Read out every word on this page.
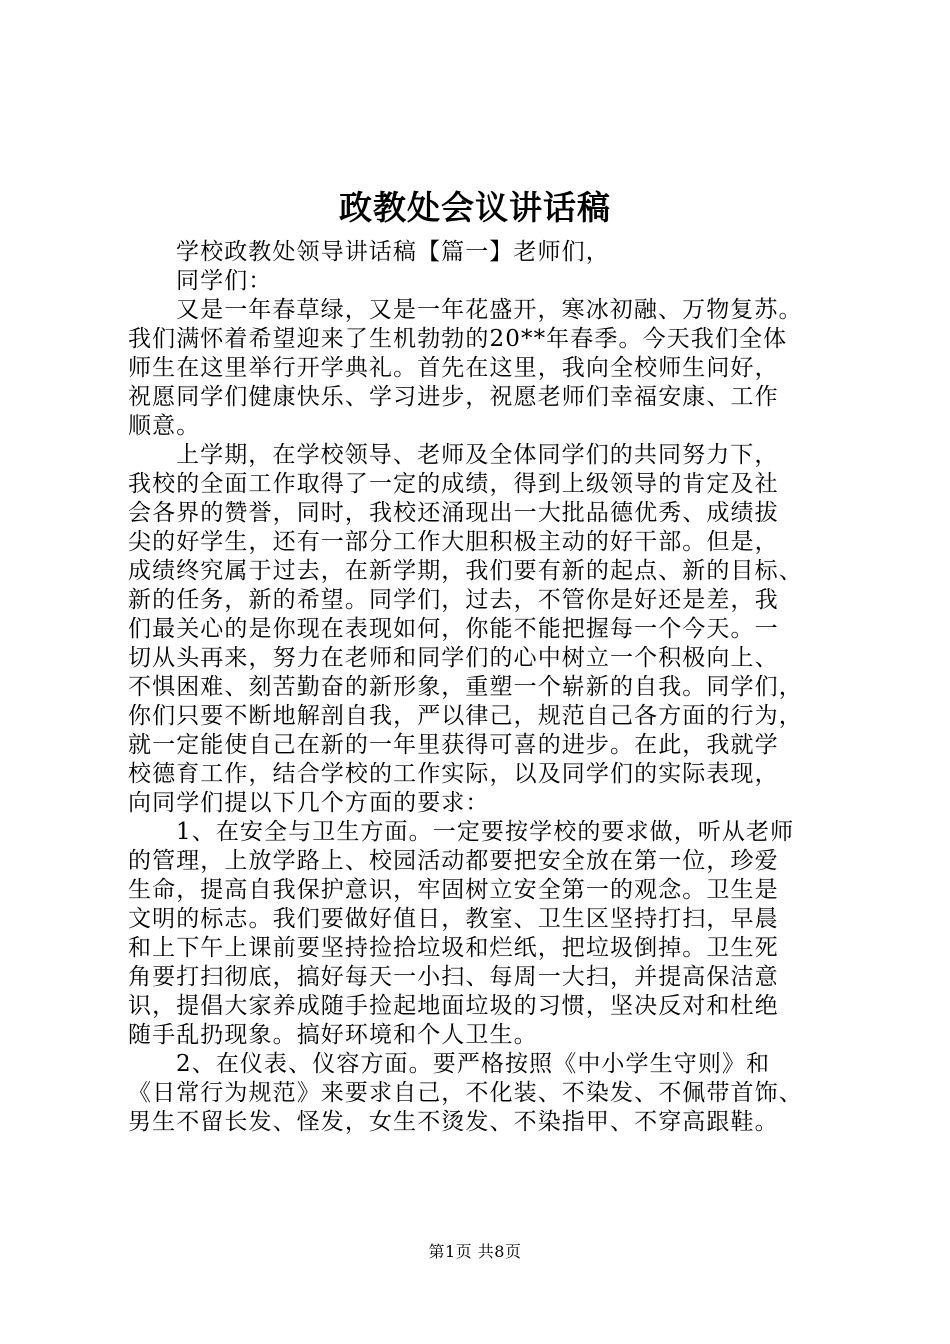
政教处会议讲话稿
学校政教处领导讲话稿【篇一】老师们，
同学们：
又是一年春草绿，又是一年花盛开，寒冰初融、万物复苏。
我们满怀着希望迎来了生机勃勃的20**年春季。今天我们全体
师生在这里举行开学典礼。首先在这里，我向全校师生问好，
祝愿同学们健康快乐、学习进步，祝愿老师们幸福安康、工作
顺意。
上学期，在学校领导、老师及全体同学们的共同努力下，
我校的全面工作取得了一定的成绩，得到上级领导的肯定及社
会各界的赞誉，同时，我校还涌现出一大批品德优秀、成绩拔
尖的好学生，还有一部分工作大胆积极主动的好干部。但是，
成绩终究属于过去，在新学期，我们要有新的起点、新的目标、
新的任务，新的希望。同学们，过去，不管你是好还是差，我
们最关心的是你现在表现如何，你能不能把握每一个今天。一
切从头再来，努力在老师和同学们的心中树立一个积极向上、
不惧困难、刻苦勤奋的新形象，重塑一个崭新的自我。同学们，
你们只要不断地解剖自我，严以律己，规范自己各方面的行为，
就一定能使自己在新的一年里获得可喜的进步。在此，我就学
校德育工作，结合学校的工作实际，以及同学们的实际表现，
向同学们提以下几个方面的要求：
1、在安全与卫生方面。一定要按学校的要求做，听从老师
的管理，上放学路上、校园活动都要把安全放在第一位，珍爱
生命，提高自我保护意识，牢固树立安全第一的观念。卫生是
文明的标志。我们要做好值日，教室、卫生区坚持打扫，早晨
和上下午上课前要坚持捡拾垃圾和烂纸，把垃圾倒掉。卫生死
角要打扫彻底，搞好每天一小扫、每周一大扫，并提高保洁意
识，提倡大家养成随手捡起地面垃圾的习惯，坚决反对和杜绝
随手乱扔现象。搞好环境和个人卫生。
2、在仪表、仪容方面。要严格按照《中小学生守则》和
《日常行为规范》来要求自己，不化装、不染发、不佩带首饰、
男生不留长发、怪发，女生不烫发、不染指甲、不穿高跟鞋。
第1页 共8页
